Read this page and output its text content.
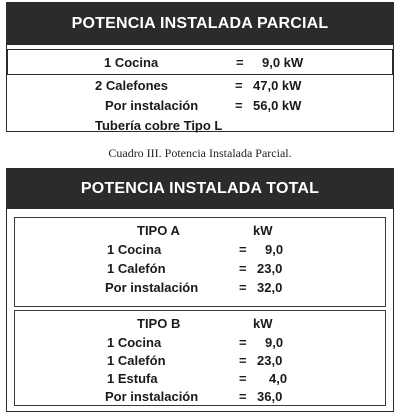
POTENCIA INSTALADA PARCIAL
1 Cocina	= 9,0 kW
2 Calefones	= 47,0 kW
Por instalación	= 56,0 kW
Tubería cobre Tipo L
Cuadro III. Potencia Instalada Parcial.
POTENCIA INSTALADA TOTAL
TIPO A	kW
1 Cocina	= 9,0
1 Calefón	= 23,0
Por instalación	= 32,0
TIPO B	kW
1 Cocina	= 9,0
1 Calefón	= 23,0
1 Estufa	= 4,0
Por instalación	= 36,0
